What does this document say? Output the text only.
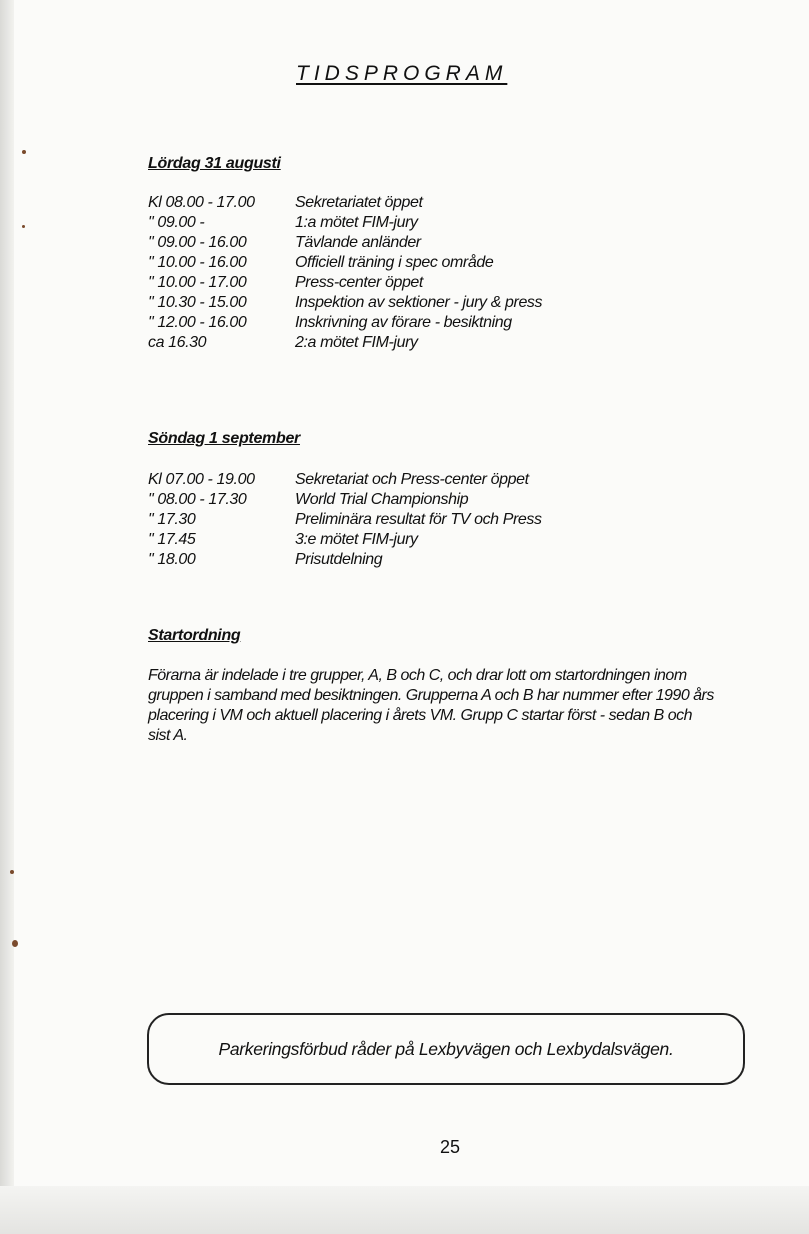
TIDSPROGRAM
Lördag 31 augusti
Kl 08.00 - 17.00	Sekretariatet öppet
" 09.00 -	1:a mötet FIM-jury
" 09.00 - 16.00	Tävlande anländer
" 10.00 - 16.00	Officiell träning i spec område
" 10.00 - 17.00	Press-center öppet
" 10.30 - 15.00	Inspektion av sektioner - jury & press
" 12.00 - 16.00	Inskrivning av förare - besiktning
ca 16.30	2:a mötet FIM-jury
Söndag 1 september
Kl 07.00 - 19.00	Sekretariat och Press-center öppet
" 08.00 - 17.30	World Trial Championship
" 17.30	Preliminära resultat för TV och Press
" 17.45	3:e mötet FIM-jury
" 18.00	Prisutdelning
Startordning
Förarna är indelade i tre grupper, A, B och C, och drar lott om startordningen inom
gruppen i samband med besiktningen. Grupperna A och B har nummer efter 1990 års
placering i VM och aktuell placering i årets VM. Grupp C startar först - sedan B och
sist A.
Parkeringsförbud råder på Lexbyvägen och Lexbydalsvägen.
25
